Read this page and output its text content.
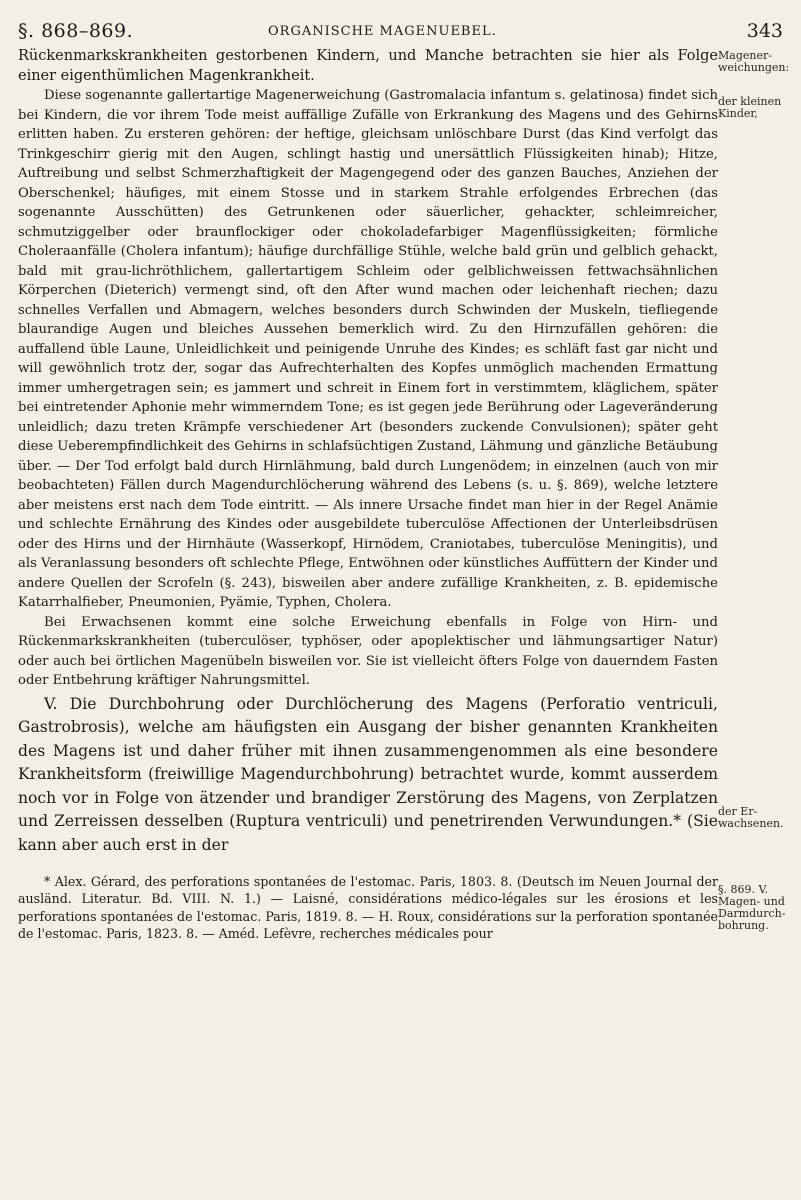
§. 868–869.	ORGANISCHE MAGENUEBEL.	343
Magener-weichungen:
der kleinen Kinder,
der Er-wachsenen.
§. 869. V. Magen- und Darmdurch-bohrung.

Rückenmarkskrankheiten gestorbenen Kindern, und Manche betrachten sie hier als Folge einer eigenthümlichen Magenkrankheit.

Diese sogenannte gallertartige Magenerweichung (Gastromalacia infantum s. gelatinosa) findet sich bei Kindern, die vor ihrem Tode meist auffällige Zufälle von Erkrankung des Magens und des Gehirns erlitten haben. Zu ersteren gehören: der heftige, gleichsam unlöschbare Durst (das Kind verfolgt das Trinkgeschirr gierig mit den Augen, schlingt hastig und unersättlich Flüssigkeiten hinab); Hitze, Auftreibung und selbst Schmerzhaftigkeit der Magengegend oder des ganzen Bauches, Anziehen der Oberschenkel; häufiges, mit einem Stosse und in starkem Strahle erfolgendes Erbrechen (das sogenannte Ausschütten) des Getrunkenen oder säuerlicher, gehackter, schleimreicher, schmutziggelber oder braunflockiger oder chokoladefarbiger Magenflüssigkeiten; förmliche Choleraanfälle (Cholera infantum); häufige durchfällige Stühle, welche bald grün und gelblich gehackt, bald mit grau-lichröthlichem, gallertartigem Schleim oder gelblichweissen fettwachsähnlichen Körperchen (Dieterich) vermengt sind, oft den After wund machen oder leichenhaft riechen; dazu schnelles Verfallen und Abmagern, welches besonders durch Schwinden der Muskeln, tiefliegende blaurandige Augen und bleiches Aussehen bemerklich wird. Zu den Hirnzufällen gehören: die auffallend üble Laune, Unleidlichkeit und peinigende Unruhe des Kindes; es schläft fast gar nicht und will gewöhnlich trotz der, sogar das Aufrechterhalten des Kopfes unmöglich machenden Ermattung immer umhergetragen sein; es jammert und schreit in Einem fort in verstimmtem, kläglichem, später bei eintretender Aphonie mehr wimmerndem Tone; es ist gegen jede Berührung oder Lageveränderung unleidlich; dazu treten Krämpfe verschiedener Art (besonders zuckende Convulsionen); später geht diese Ueberempfindlichkeit des Gehirns in schlafsüchtigen Zustand, Lähmung und gänzliche Betäubung über. — Der Tod erfolgt bald durch Hirnlähmung, bald durch Lungenödem; in einzelnen (auch von mir beobachteten) Fällen durch Magendurchlöcherung während des Lebens (s. u. §. 869), welche letztere aber meistens erst nach dem Tode eintritt. — Als innere Ursache findet man hier in der Regel Anämie und schlechte Ernährung des Kindes oder ausgebildete tuberculöse Affectionen der Unterleibsdrüsen oder des Hirns und der Hirnhäute (Wasserkopf, Hirnödem, Craniotabes, tuberculöse Meningitis), und als Veranlassung besonders oft schlechte Pflege, Entwöhnen oder künstliches Auffüttern der Kinder und andere Quellen der Scrofeln (§. 243), bisweilen aber andere zufällige Krankheiten, z. B. epidemische Katarrhalfieber, Pneumonien, Pyämie, Typhen, Cholera.

Bei Erwachsenen kommt eine solche Erweichung ebenfalls in Folge von Hirn- und Rückenmarkskrankheiten (tuberculöser, typhöser, oder apoplektischer und lähmungsartiger Natur) oder auch bei örtlichen Magenübeln bisweilen vor. Sie ist vielleicht öfters Folge von dauerndem Fasten oder Entbehrung kräftiger Nahrungsmittel.

V. Die Durchbohrung oder Durchlöcherung des Magens (Perforatio ventriculi, Gastrobrosis), welche am häufigsten ein Ausgang der bisher genannten Krankheiten des Magens ist und daher früher mit ihnen zusammengenommen als eine besondere Krankheitsform (freiwillige Magendurchbohrung) betrachtet wurde, kommt ausserdem noch vor in Folge von ätzender und brandiger Zerstörung des Magens, von Zerplatzen und Zerreissen desselben (Ruptura ventriculi) und penetrirenden Verwundungen.* (Sie kann aber auch erst in der

* Alex. Gérard, des perforations spontanées de l'estomac. Paris, 1803. 8. (Deutsch im Neuen Journal der ausländ. Literatur. Bd. VIII. N. 1.) — Laisné, considérations médico-légales sur les érosions et les perforations spontanées de l'estomac. Paris, 1819. 8. — H. Roux, considérations sur la perforation spontanée de l'estomac. Paris, 1823. 8. — Améd. Lefèvre, recherches médicales pour
